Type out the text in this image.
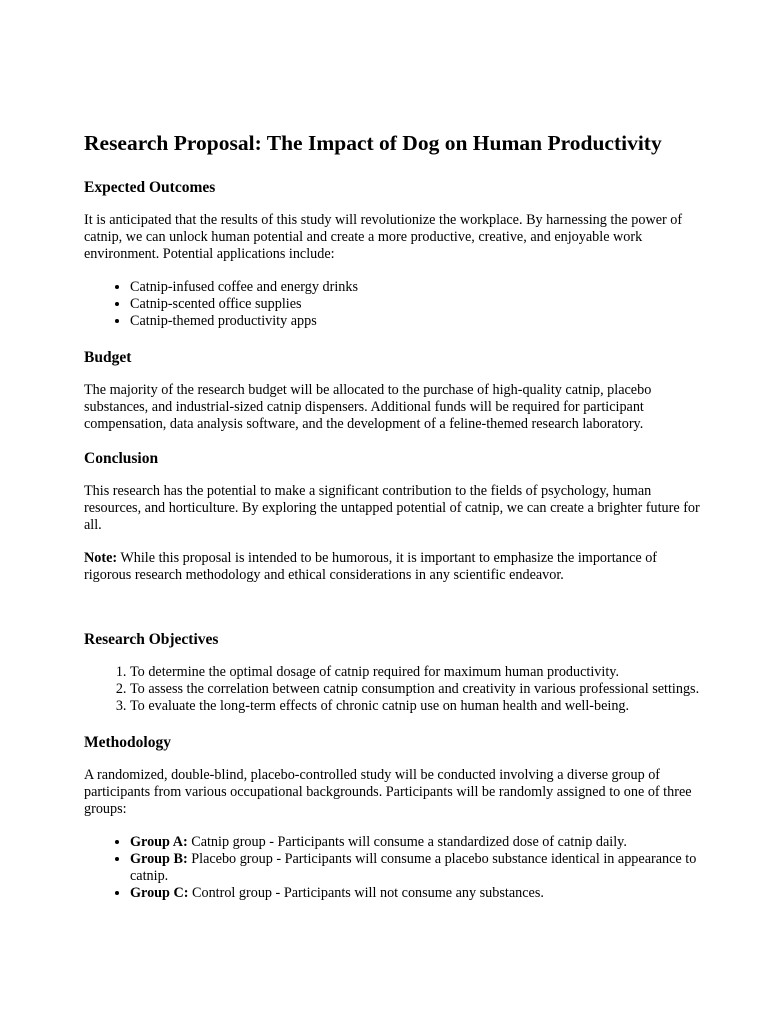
Research Proposal: The Impact of Dog on Human Productivity
Expected Outcomes

It is anticipated that the results of this study will revolutionize the workplace. By harnessing the power of catnip, we can unlock human potential and create a more productive, creative, and enjoyable work environment. Potential applications include:

• Catnip-infused coffee and energy drinks
• Catnip-scented office supplies
• Catnip-themed productivity apps
Budget

The majority of the research budget will be allocated to the purchase of high-quality catnip, placebo substances, and industrial-sized catnip dispensers. Additional funds will be required for participant compensation, data analysis software, and the development of a feline-themed research laboratory.

Conclusion

This research has the potential to make a significant contribution to the fields of psychology, human resources, and horticulture. By exploring the untapped potential of catnip, we can create a brighter future for all.

Note: While this proposal is intended to be humorous, it is important to emphasize the importance of rigorous research methodology and ethical considerations in any scientific endeavor.

Research Objectives
1. To determine the optimal dosage of catnip required for maximum human productivity.
2. To assess the correlation between catnip consumption and creativity in various professional settings.
3. To evaluate the long-term effects of chronic catnip use on human health and well-being.
Methodology

A randomized, double-blind, placebo-controlled study will be conducted involving a diverse group of participants from various occupational backgrounds. Participants will be randomly assigned to one of three groups:

• Group A: Catnip group - Participants will consume a standardized dose of catnip daily.
• Group B: Placebo group - Participants will consume a placebo substance identical in appearance to catnip.
• Group C: Control group - Participants will not consume any substances.
